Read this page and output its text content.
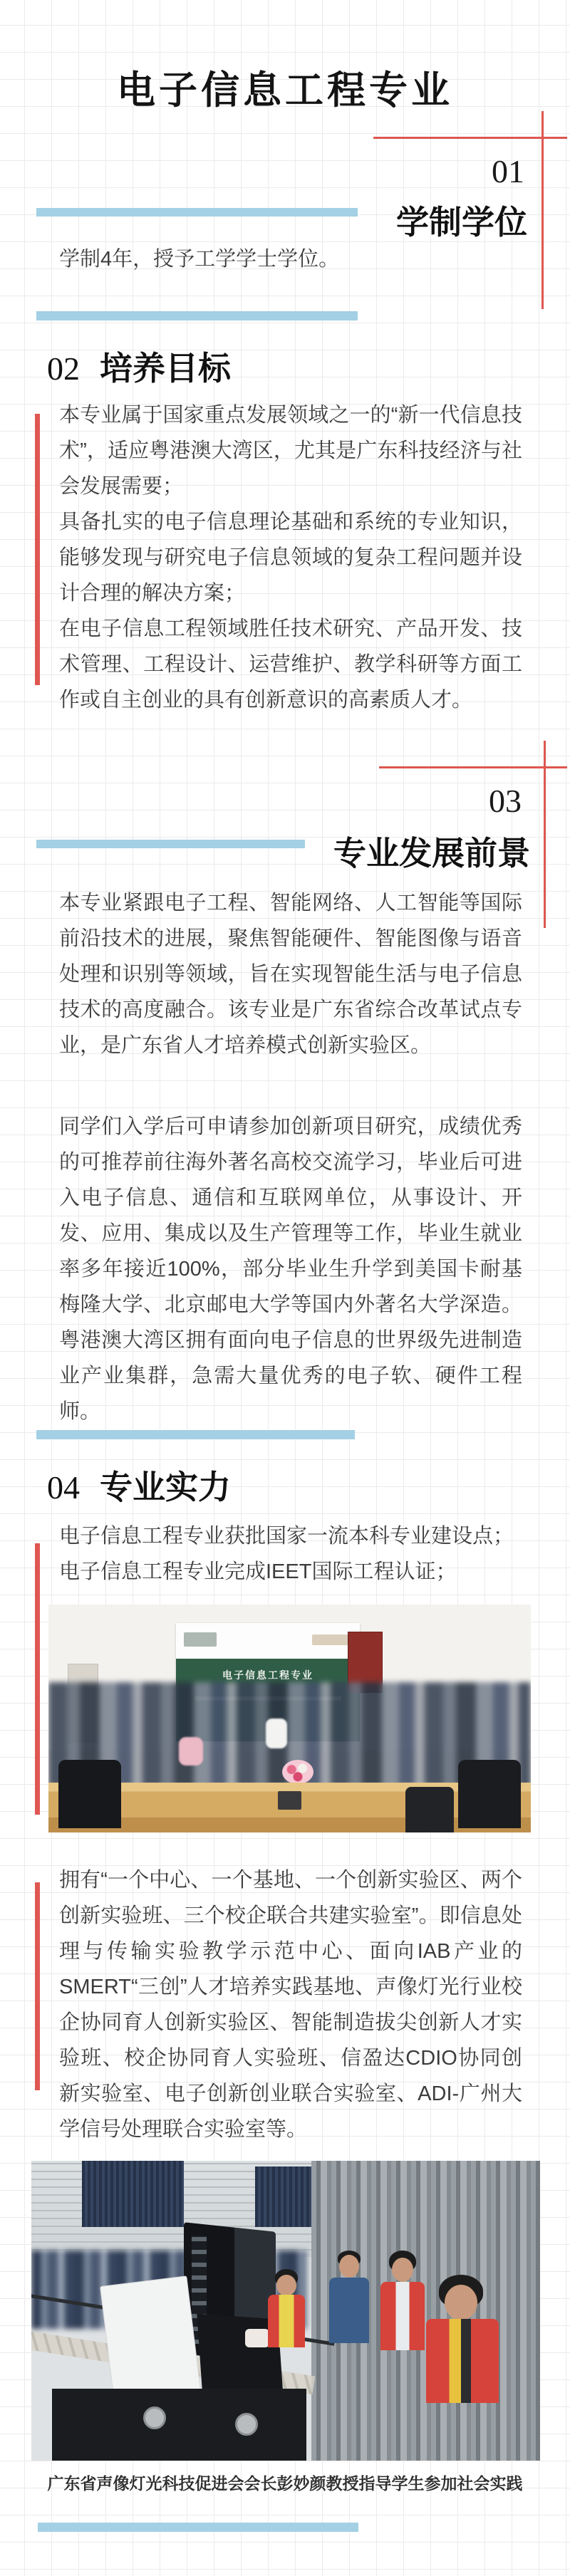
电子信息工程专业
01
学制学位

学制4年，授予工学学士学位。

02 培养目标

本专业属于国家重点发展领域之一的“新一代信息技术”，适应粤港澳大湾区，尤其是广东科技经济与社会发展需要；

具备扎实的电子信息理论基础和系统的专业知识，能够发现与研究电子信息领域的复杂工程问题并设计合理的解决方案；

在电子信息工程领域胜任技术研究、产品开发、技术管理、工程设计、运营维护、教学科研等方面工作或自主创业的具有创新意识的高素质人才。

03
专业发展前景

本专业紧跟电子工程、智能网络、人工智能等国际前沿技术的进展，聚焦智能硬件、智能图像与语音处理和识别等领域，旨在实现智能生活与电子信息技术的高度融合。该专业是广东省综合改革试点专业，是广东省人才培养模式创新实验区。

同学们入学后可申请参加创新项目研究，成绩优秀的可推荐前往海外著名高校交流学习，毕业后可进入电子信息、通信和互联网单位，从事设计、开发、应用、集成以及生产管理等工作，毕业生就业率多年接近100%，部分毕业生升学到美国卡耐基梅隆大学、北京邮电大学等国内外著名大学深造。粤港澳大湾区拥有面向电子信息的世界级先进制造业产业集群，急需大量优秀的电子软、硬件工程师。

04 专业实力

电子信息工程专业获批国家一流本科专业建设点；

电子信息工程专业完成IEET国际工程认证；

电子信息工程专业

拥有“一个中心、一个基地、一个创新实验区、两个创新实验班、三个校企联合共建实验室”。即信息处理与传输实验教学示范中心、面向IAB产业的SMERT“三创”人才培养实践基地、声像灯光行业校企协同育人创新实验区、智能制造拔尖创新人才实验班、校企协同育人实验班、信盈达CDIO协同创新实验室、电子创新创业联合实验室、ADI-广州大学信号处理联合实验室等。

广东省声像灯光科技促进会会长彭妙颜教授指导学生参加社会实践
